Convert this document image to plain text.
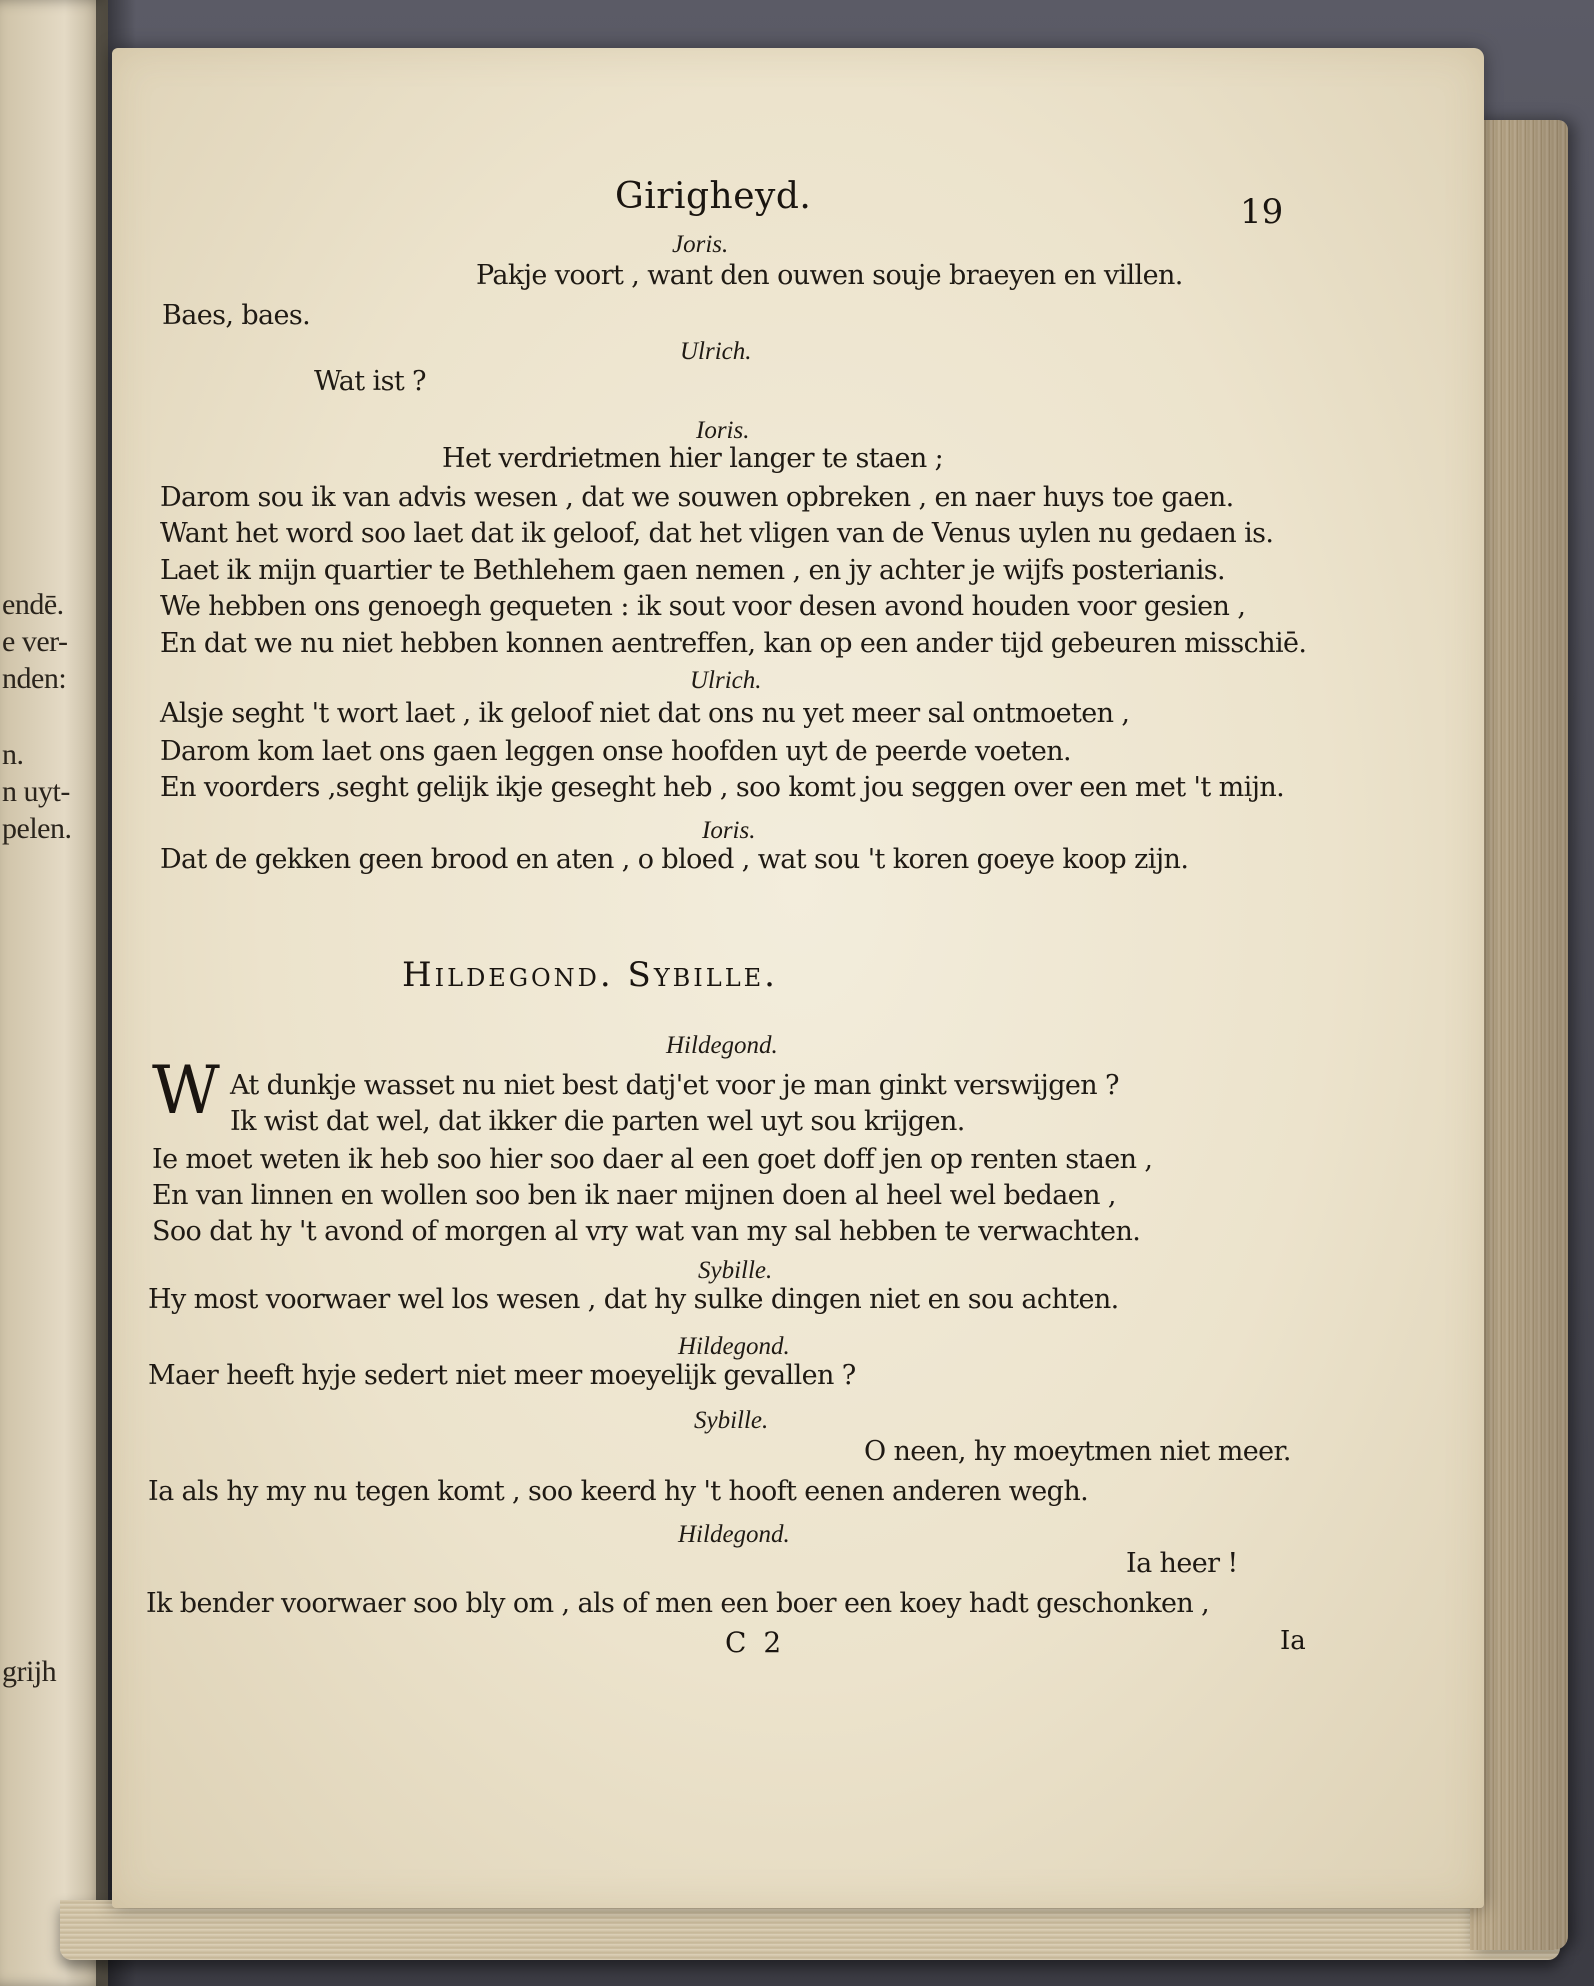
endē.
e ver-
nden:
n.
n uyt-
pelen.
grijh
Girigheyd.	19
Joris.
Pakje voort , want den ouwen souje braeyen en villen.
Baes, baes.
Ulrich.
Wat ist ?
Ioris.
Het verdrietmen hier langer te staen ;
Darom sou ik van advis wesen , dat we souwen opbreken , en naer huys toe gaen.
Want het word soo laet dat ik geloof, dat het vligen van de Venus uylen nu gedaen is.
Laet ik mijn quartier te Bethlehem gaen nemen , en jy achter je wijfs posterianis.
We hebben ons genoegh gequeten : ik sout voor desen avond houden voor gesien ,
En dat we nu niet hebben konnen aentreffen, kan op een ander tijd gebeuren misschiē.
Ulrich.
Alsje seght 't wort laet , ik geloof niet dat ons nu yet meer sal ontmoeten ,
Darom kom laet ons gaen leggen onse hoofden uyt de peerde voeten.
En voorders ,seght gelijk ikje geseght heb , soo komt jou seggen over een met 't mijn.
Ioris.
Dat de gekken geen brood en aten , o bloed , wat sou 't koren goeye koop zijn.
Hildegond. Sybille.
Hildegond.
W At dunkje wasset nu niet best datj'et voor je man ginkt verswijgen ?
Ik wist dat wel, dat ikker die parten wel uyt sou krijgen.
Ie moet weten ik heb soo hier soo daer al een goet doff jen op renten staen ,
En van linnen en wollen soo ben ik naer mijnen doen al heel wel bedaen ,
Soo dat hy 't avond of morgen al vry wat van my sal hebben te verwachten.
Sybille.
Hy most voorwaer wel los wesen , dat hy sulke dingen niet en sou achten.
Hildegond.
Maer heeft hyje sedert niet meer moeyelijk gevallen ?
Sybille.
O neen, hy moeytmen niet meer.
Ia als hy my nu tegen komt , soo keerd hy 't hooft eenen anderen wegh.
Hildegond.
Ia heer !
Ik bender voorwaer soo bly om , als of men een boer een koey hadt geschonken ,
C 2	Ia
